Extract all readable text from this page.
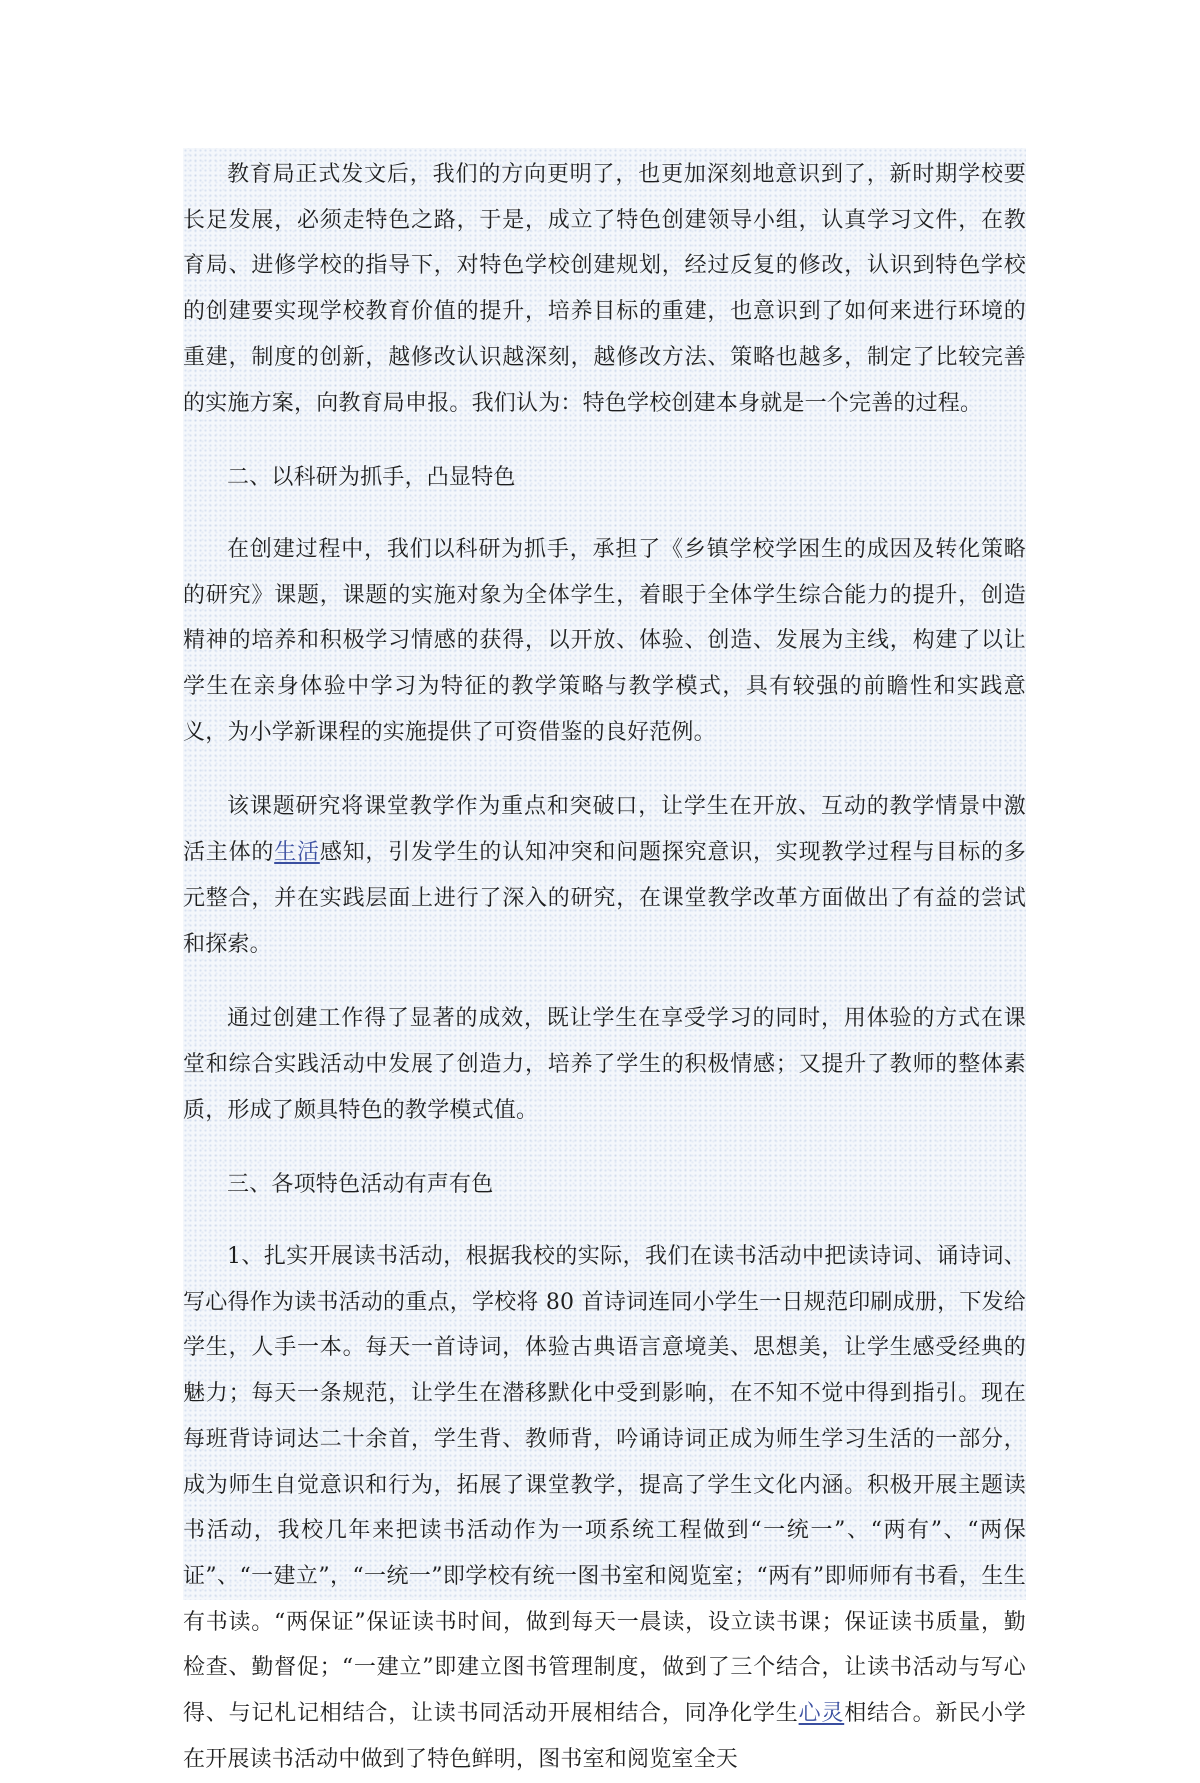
教育局正式发文后，我们的方向更明了，也更加深刻地意识到了，新时期学校要长足发展，必须走特色之路，于是，成立了特色创建领导小组，认真学习文件，在教育局、进修学校的指导下，对特色学校创建规划，经过反复的修改，认识到特色学校的创建要实现学校教育价值的提升，培养目标的重建，也意识到了如何来进行环境的重建，制度的创新，越修改认识越深刻，越修改方法、策略也越多，制定了比较完善的实施方案，向教育局申报。我们认为：特色学校创建本身就是一个完善的过程。

二、以科研为抓手，凸显特色

在创建过程中，我们以科研为抓手，承担了《乡镇学校学困生的成因及转化策略的研究》课题，课题的实施对象为全体学生，着眼于全体学生综合能力的提升，创造精神的培养和积极学习情感的获得，以开放、体验、创造、发展为主线，构建了以让学生在亲身体验中学习为特征的教学策略与教学模式，具有较强的前瞻性和实践意义，为小学新课程的实施提供了可资借鉴的良好范例。

该课题研究将课堂教学作为重点和突破口，让学生在开放、互动的教学情景中激活主体的生活感知，引发学生的认知冲突和问题探究意识，实现教学过程与目标的多元整合，并在实践层面上进行了深入的研究，在课堂教学改革方面做出了有益的尝试和探索。

通过创建工作得了显著的成效，既让学生在享受学习的同时，用体验的方式在课堂和综合实践活动中发展了创造力，培养了学生的积极情感；又提升了教师的整体素质，形成了颇具特色的教学模式值。

三、各项特色活动有声有色

1、扎实开展读书活动，根据我校的实际，我们在读书活动中把读诗词、诵诗词、写心得作为读书活动的重点，学校将 80 首诗词连同小学生一日规范印刷成册，下发给学生，人手一本。每天一首诗词，体验古典语言意境美、思想美，让学生感受经典的魅力；每天一条规范，让学生在潜移默化中受到影响，在不知不觉中得到指引。现在每班背诗词达二十余首，学生背、教师背，吟诵诗词正成为师生学习生活的一部分，成为师生自觉意识和行为，拓展了课堂教学，提高了学生文化内涵。积极开展主题读书活动，我校几年来把读书活动作为一项系统工程做到“一统一”、“两有”、“两保证”、“一建立”，“一统一”即学校有统一图书室和阅览室；“两有”即师师有书看，生生有书读。“两保证”保证读书时间，做到每天一晨读，设立读书课；保证读书质量，勤检查、勤督促；“一建立”即建立图书管理制度，做到了三个结合，让读书活动与写心得、与记札记相结合，让读书同活动开展相结合，同净化学生心灵相结合。新民小学在开展读书活动中做到了特色鲜明，图书室和阅览室全天
